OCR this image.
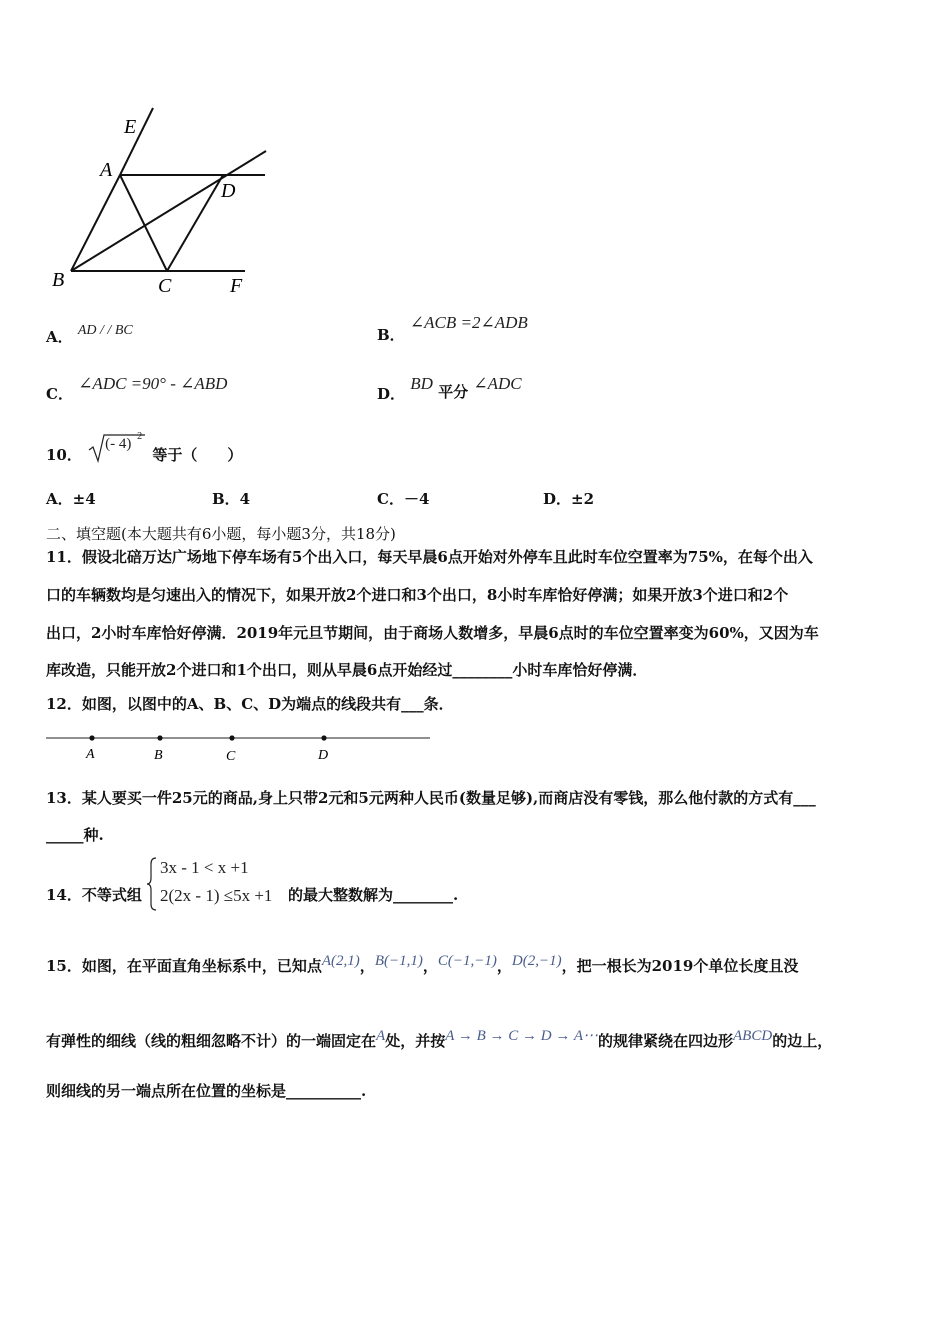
E
A
D
B	C	F
A． AD / / BC	B． ∠ACB =2∠ADB
C． ∠ADC =90° - ∠ABD
D． BD 平分 ∠ADC
10．
(- 4) 2
等于（　　）
A．±4	B．4	C．－4	D．±2
二、填空题(本大题共有6小题，每小题3分，共18分)
11．假设北碚万达广场地下停车场有5个出入口，每天早晨6点开始对外停车且此时车位空置率为75%，在每个出入
口的车辆数均是匀速出入的情况下，如果开放2个进口和3个出口，8小时车库恰好停满；如果开放3个进口和2个
出口，2小时车库恰好停满．2019年元旦节期间，由于商场人数增多，早晨6点时的车位空置率变为60%，又因为车
库改造，只能开放2个进口和1个出口，则从早晨6点开始经过________小时车库恰好停满．
12．如图，以图中的A、B、C、D为端点的线段共有___条．
A	B	C	D
13．某人要买一件25元的商品,身上只带2元和5元两种人民币(数量足够),而商店没有零钱，那么他付款的方式有___
_____种.
14．不等式组
3x - 1 < x +1
2(2x - 1) ≤5x +1 的最大整数解为________.
15．如图，在平面直角坐标系中，已知点A(2,1)，B(−1,1)，C(−1,−1)，D(2,−1)，把一根长为2019个单位长度且没
有弹性的细线（线的粗细忽略不计）的一端固定在A处，并按A → B → C → D → A⋯的规律紧绕在四边形ABCD的边上，
则细线的另一端点所在位置的坐标是__________.
